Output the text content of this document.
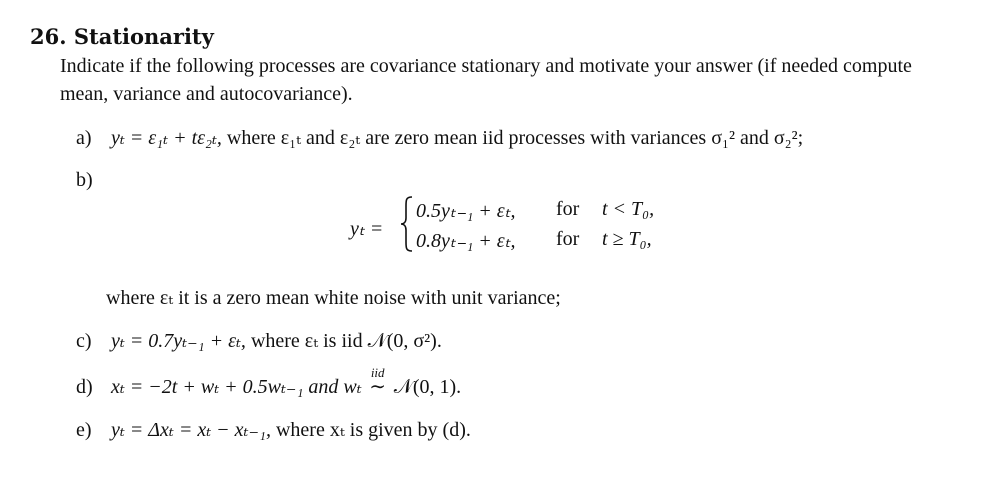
26. Stationarity
Indicate if the following processes are covariance stationary and motivate your answer (if needed compute mean, variance and autocovariance).
a) yₜ = ε₁ₜ + tε₂ₜ, where ε₁ₜ and ε₂ₜ are zero mean iid processes with variances σ₁² and σ₂²;
b)
yₜ =
0.5yₜ₋₁ + εₜ, for t < T₀,
0.8yₜ₋₁ + εₜ, for t ≥ T₀,
where εₜ it is a zero mean white noise with unit variance;
c) yₜ = 0.7yₜ₋₁ + εₜ, where εₜ is iid 𝒩(0, σ²).
d) xₜ = −2t + wₜ + 0.5wₜ₋₁ and wₜ
iid
∼ 𝒩(0, 1).
e) yₜ = Δxₜ = xₜ − xₜ₋₁, where xₜ is given by (d).
